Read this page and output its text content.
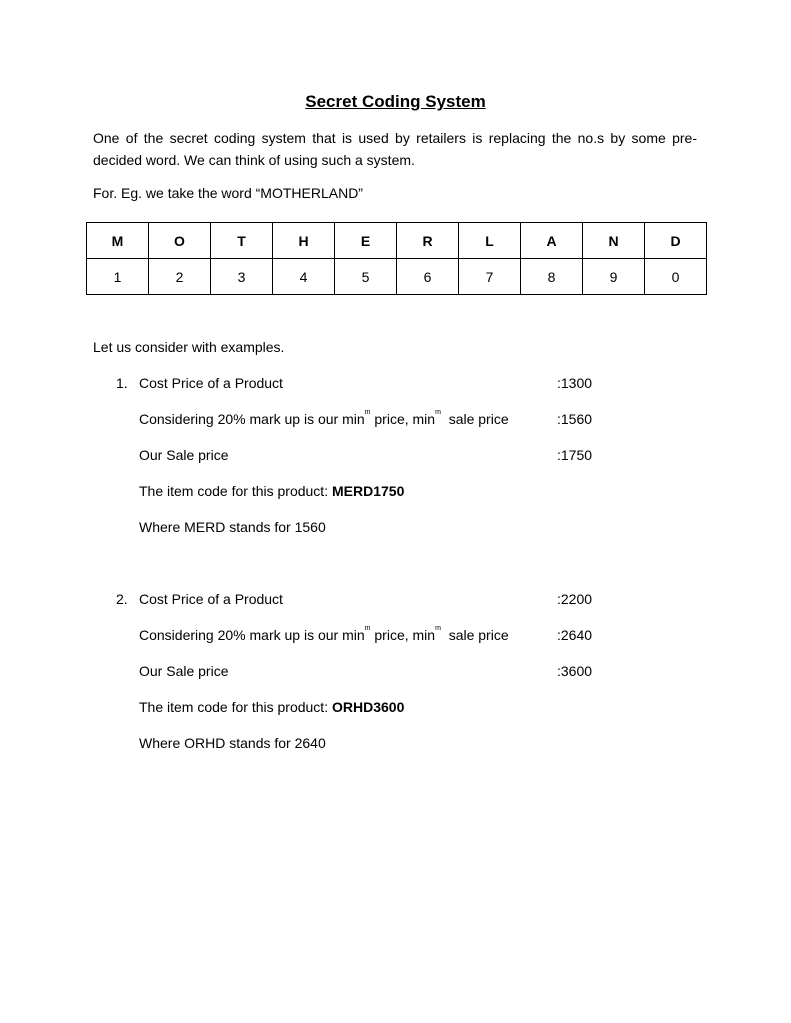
Secret Coding System

One of the secret coding system that is used by retailers is replacing the no.s by some pre-decided word. We can think of using such a system.

For. Eg. we take the word “MOTHERLAND”

M	O	T	H	E	R	L	A	N	D
1	2	3	4	5	6	7	8	9	0

Let us consider with examples.

1. Cost Price of a Product	:1300
Considering 20% mark up is our $\min^m$ price, $\min^m$  sale price	:1560
Our Sale price	:1750
The item code for this product: MERD1750
Where MERD stands for 1560
2. Cost Price of a Product	:2200
Considering 20% mark up is our $\min^m$ price, $\min^m$  sale price	:2640
Our Sale price	:3600
The item code for this product: ORHD3600
Where ORHD stands for 2640
